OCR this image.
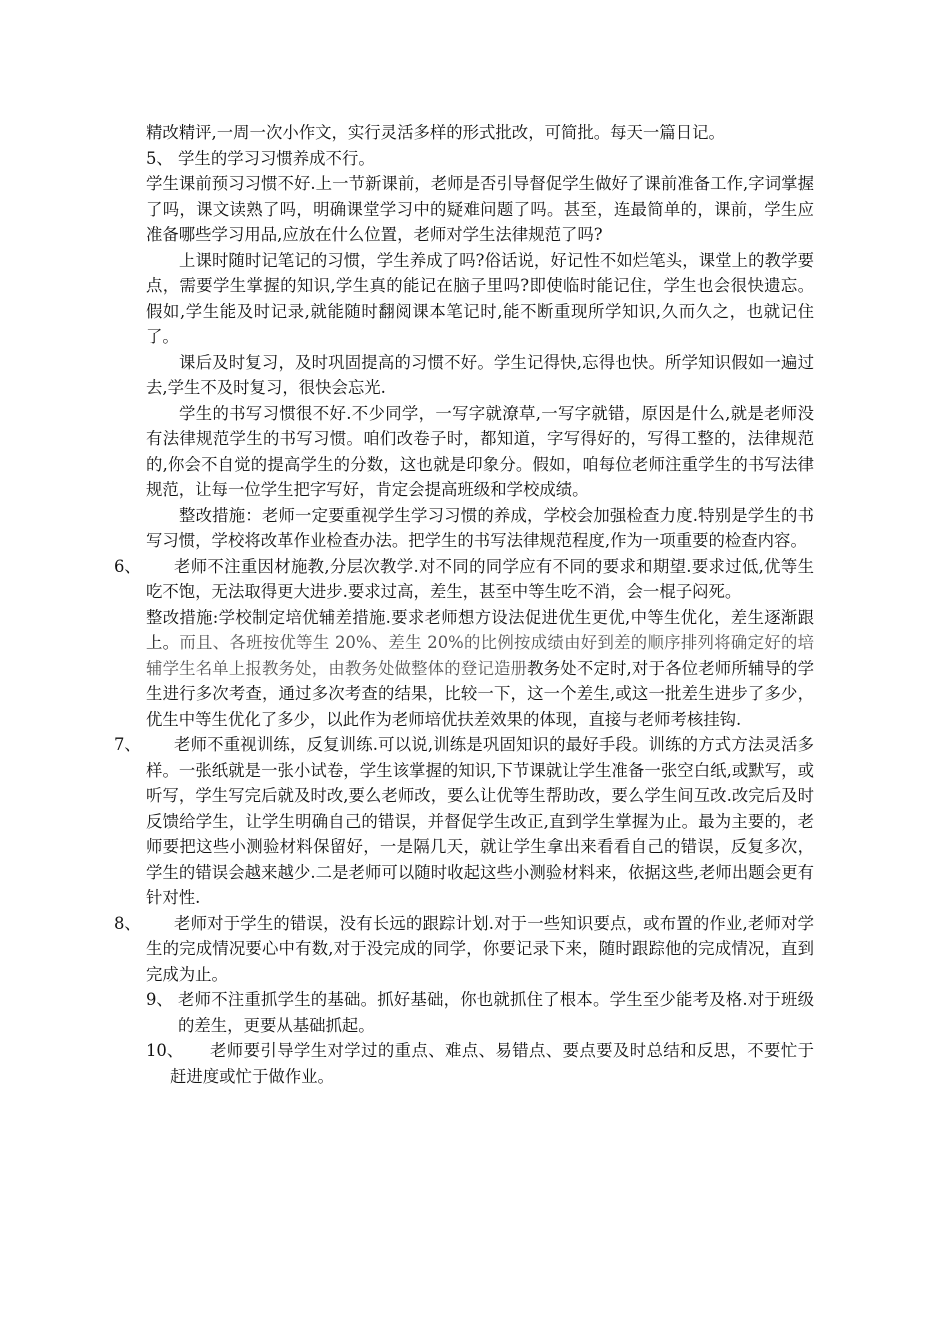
精改精评,一周一次小作文，实行灵活多样的形式批改，可简批。每天一篇日记。

5、 学生的学习习惯养成不行。

学生课前预习习惯不好.上一节新课前，老师是否引导督促学生做好了课前准备工作,字词掌握了吗，课文读熟了吗，明确课堂学习中的疑难问题了吗。甚至，连最简单的，课前，学生应准备哪些学习用品,应放在什么位置，老师对学生法律规范了吗?

上课时随时记笔记的习惯，学生养成了吗?俗话说，好记性不如烂笔头，课堂上的教学要点，需要学生掌握的知识,学生真的能记在脑子里吗?即使临时能记住，学生也会很快遗忘。假如,学生能及时记录,就能随时翻阅课本笔记时,能不断重现所学知识,久而久之，也就记住了。

课后及时复习，及时巩固提高的习惯不好。学生记得快,忘得也快。所学知识假如一遍过去,学生不及时复习，很快会忘光.

学生的书写习惯很不好.不少同学，一写字就潦草,一写字就错，原因是什么,就是老师没有法律规范学生的书写习惯。咱们改卷子时，都知道，字写得好的，写得工整的，法律规范的,你会不自觉的提高学生的分数，这也就是印象分。假如，咱每位老师注重学生的书写法律规范，让每一位学生把字写好，肯定会提高班级和学校成绩。

整改措施：老师一定要重视学生学习习惯的养成，学校会加强检查力度.特别是学生的书写习惯，学校将改革作业检查办法。把学生的书写法律规范程度,作为一项重要的检查内容。

6、	老师不注重因材施教,分层次教学.对不同的同学应有不同的要求和期望.要求过低,优等生吃不饱，无法取得更大进步.要求过高，差生，甚至中等生吃不消，会一棍子闷死。

整改措施:学校制定培优辅差措施.要求老师想方设法促进优生更优,中等生优化，差生逐渐跟上。而且、各班按优等生 20%、差生 20%的比例按成绩由好到差的顺序排列将确定好的培辅学生名单上报教务处，由教务处做整体的登记造册教务处不定时,对于各位老师所辅导的学生进行多次考查，通过多次考查的结果，比较一下，这一个差生,或这一批差生进步了多少，优生中等生优化了多少，以此作为老师培优扶差效果的体现，直接与老师考核挂钩.

7、	老师不重视训练，反复训练.可以说,训练是巩固知识的最好手段。训练的方式方法灵活多样。一张纸就是一张小试卷，学生该掌握的知识,下节课就让学生准备一张空白纸,或默写，或听写，学生写完后就及时改,要么老师改，要么让优等生帮助改，要么学生间互改.改完后及时反馈给学生，让学生明确自己的错误，并督促学生改正,直到学生掌握为止。最为主要的，老师要把这些小测验材料保留好，一是隔几天，就让学生拿出来看看自己的错误，反复多次，学生的错误会越来越少.二是老师可以随时收起这些小测验材料来，依据这些,老师出题会更有针对性.

8、	老师对于学生的错误，没有长远的跟踪计划.对于一些知识要点，或布置的作业,老师对学生的完成情况要心中有数,对于没完成的同学，你要记录下来，随时跟踪他的完成情况，直到完成为止。

9、 老师不注重抓学生的基础。抓好基础，你也就抓住了根本。学生至少能考及格.对于班级的差生，更要从基础抓起。

10、	老师要引导学生对学过的重点、难点、易错点、要点要及时总结和反思，不要忙于赶进度或忙于做作业。
